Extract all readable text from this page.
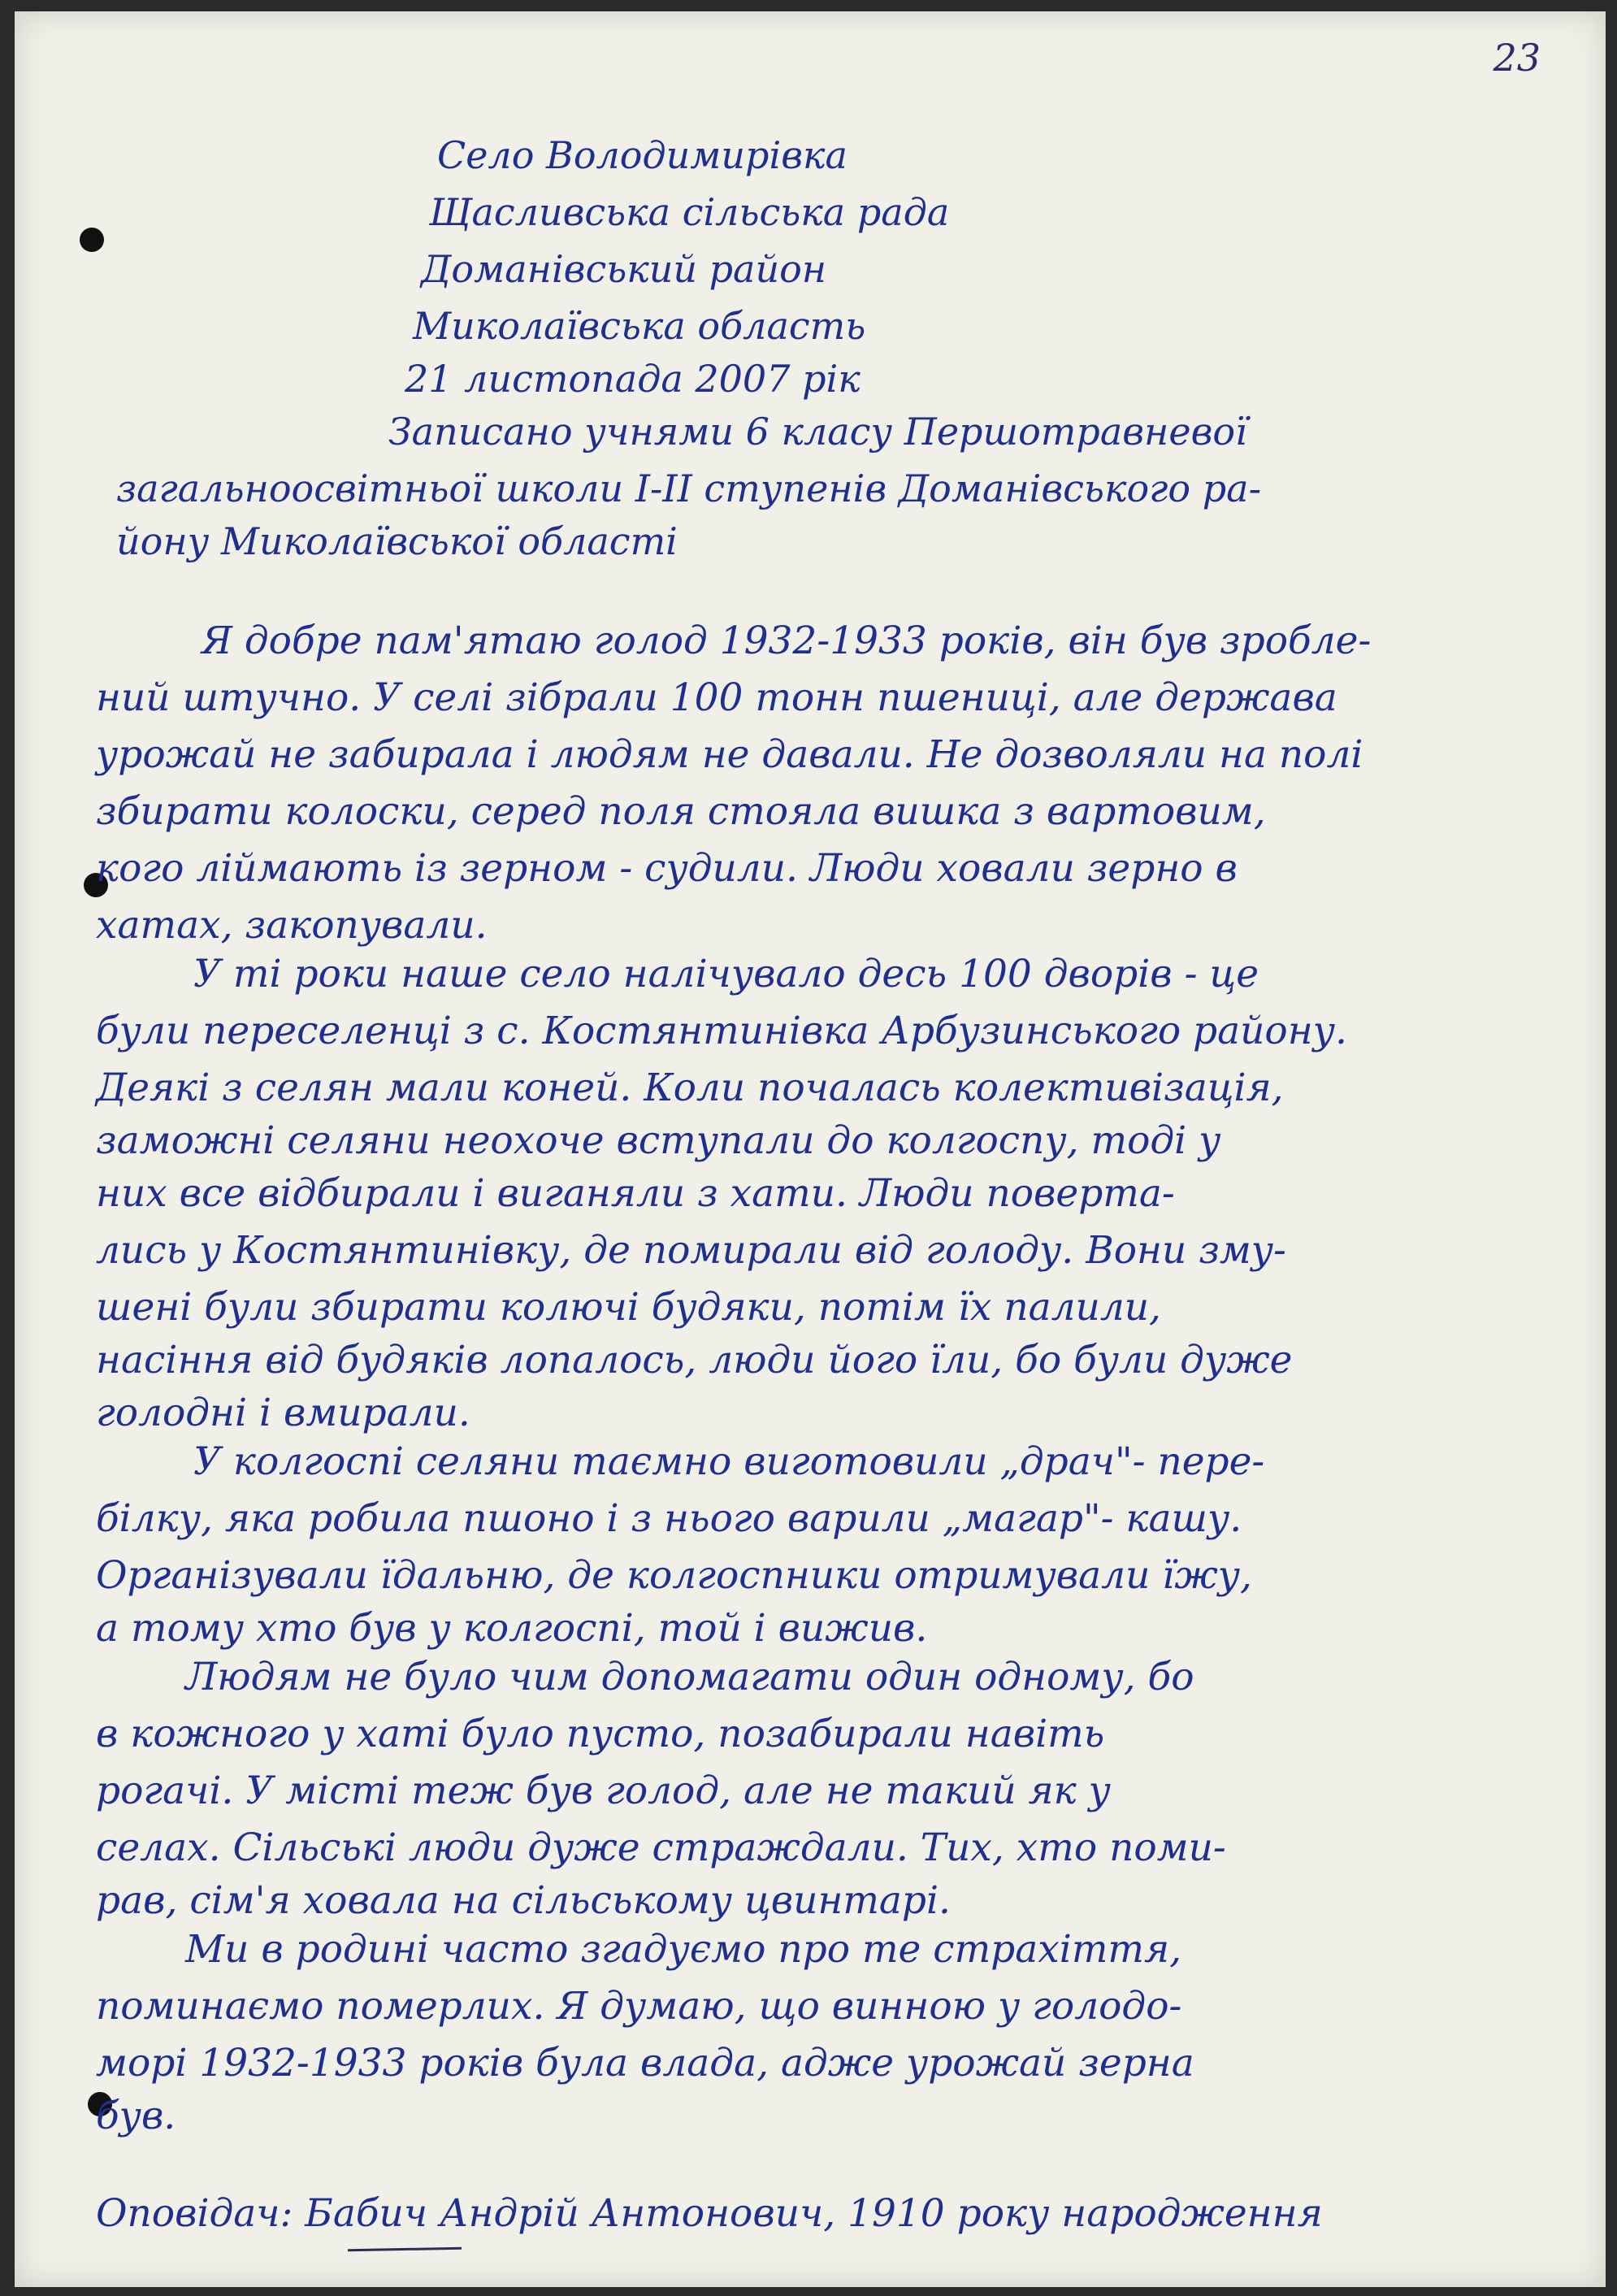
23
Село Володимирівка
Щасливська сільська рада
Доманівський район
Миколаївська область
21 листопада 2007 рік
Записано учнями 6 класу Першотравневої
загальноосвітньої школи І-ІІ ступенів Доманівського ра-
йону Миколаївської області
Я добре пам'ятаю голод 1932-1933 років, він був зробле-
ний штучно. У селі зібрали 100 тонн пшениці, але держава
урожай не забирала і людям не давали. Не дозволяли на полі
збирати колоски, серед поля стояла вишка з вартовим,
кого ліймають із зерном - судили. Люди ховали зерно в
хатах, закопували.
У ті роки наше село налічувало десь 100 дворів - це
були переселенці з с. Костянтинівка Арбузинського району.
Деякі з селян мали коней. Коли почалась колективізація,
заможні селяни неохоче вступали до колгоспу, тоді у
них все відбирали і виганяли з хати. Люди поверта-
лись у Костянтинівку, де помирали від голоду. Вони зму-
шені були збирати колючі будяки, потім їх палили,
насіння від будяків лопалось, люди його їли, бо були дуже
голодні і вмирали.
У колгоспі селяни таємно виготовили „драч"- пере-
білку, яка робила пшоно і з нього варили „магар"- кашу.
Організували їдальню, де колгоспники отримували їжу,
а тому хто був у колгоспі, той і вижив.
Людям не було чим допомагати один одному, бо
в кожного у хаті було пусто, позабирали навіть
рогачі. У місті теж був голод, але не такий як у
селах. Сільські люди дуже страждали. Тих, хто поми-
рав, сім'я ховала на сільському цвинтарі.
Ми в родині часто згадуємо про те страхіття,
поминаємо померлих. Я думаю, що винною у голодо-
морі 1932-1933 років була влада, адже урожай зерна
був.
Оповідач: Бабич Андрій Антонович, 1910 року народження
